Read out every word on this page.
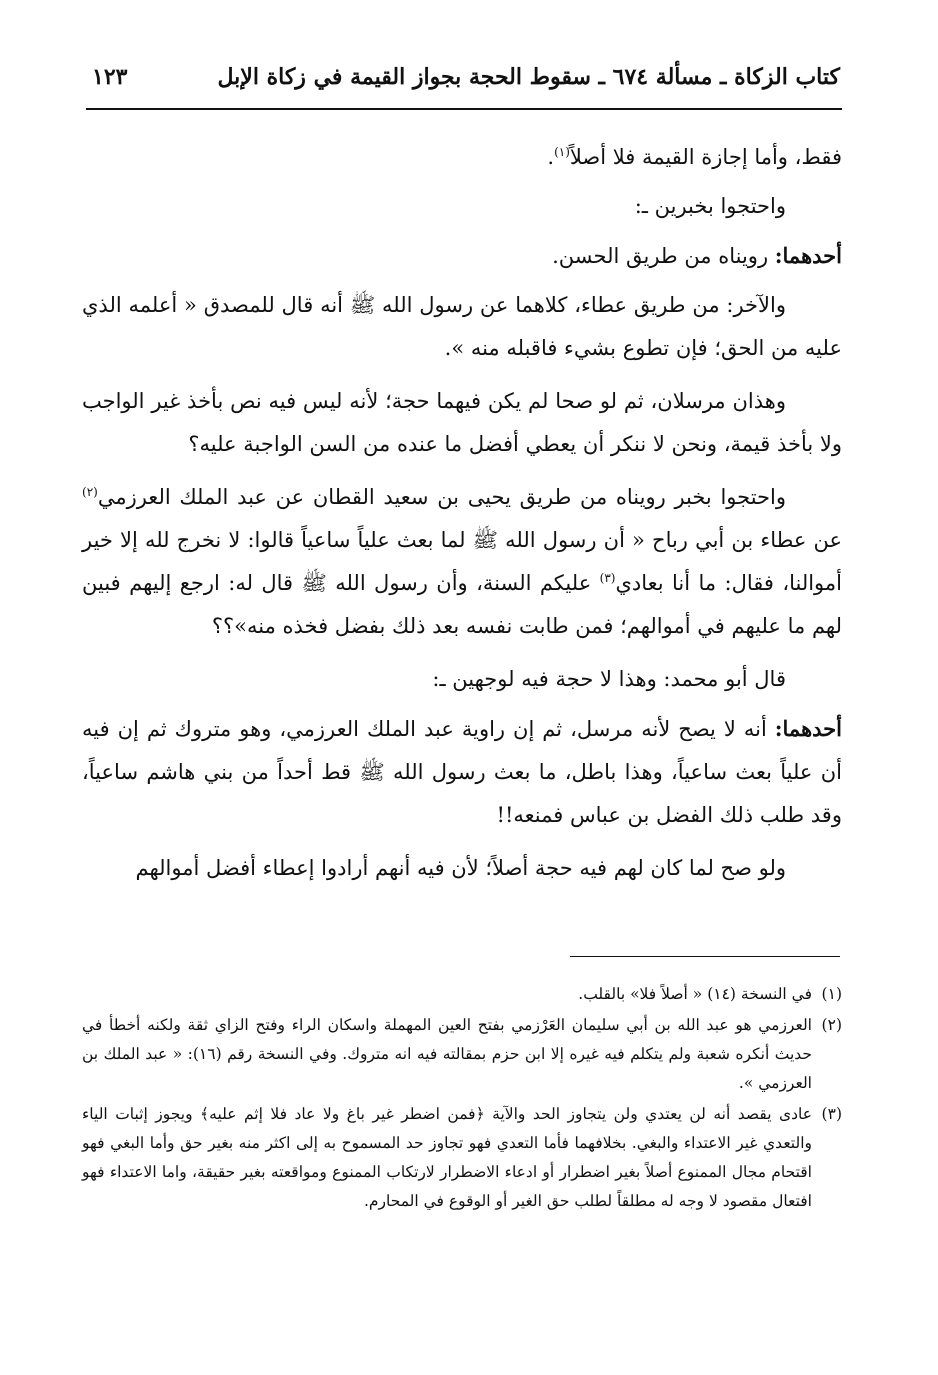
كتاب الزكاة ـ مسألة ٦٧٤ ـ سقوط الحجة بجواز القيمة في زكاة الإبل
١٢٣

فقط، وأما إجازة القيمة فلا أصلاً$^{(١)}$.

واحتجوا بخبرين ـ:

أحدهما: رويناه من طريق الحسن.

والآخر: من طريق عطاء، كلاهما عن رسول الله ﷺ أنه قال للمصدق « أعلمه الذي عليه من الحق؛ فإن تطوع بشيء فاقبله منه ».

وهذان مرسلان، ثم لو صحا لم يكن فيهما حجة؛ لأنه ليس فيه نص بأخذ غير الواجب ولا بأخذ قيمة، ونحن لا ننكر أن يعطي أفضل ما عنده من السن الواجبة عليه؟

واحتجوا بخبر رويناه من طريق يحيى بن سعيد القطان عن عبد الملك العرزمي$^{(٢)}$ عن عطاء بن أبي رباح « أن رسول الله ﷺ لما بعث علياً ساعياً قالوا: لا نخرج لله إلا خير أموالنا، فقال: ما أنا بعادي$^{(٣)}$ عليكم السنة، وأن رسول الله ﷺ قال له: ارجع إليهم فبين لهم ما عليهم في أموالهم؛ فمن طابت نفسه بعد ذلك بفضل فخذه منه»؟؟

قال أبو محمد: وهذا لا حجة فيه لوجهين ـ:

أحدهما: أنه لا يصح لأنه مرسل، ثم إن راوية عبد الملك العرزمي، وهو متروك ثم إن فيه أن علياً بعث ساعياً، وهذا باطل، ما بعث رسول الله ﷺ قط أحداً من بني هاشم ساعياً، وقد طلب ذلك الفضل بن عباس فمنعه!!

ولو صح لما كان لهم فيه حجة أصلاً؛ لأن فيه أنهم أرادوا إعطاء أفضل أموالهم

(١)في النسخة (١٤) « أصلاً فلا» بالقلب.

(٢)العرزمي هو عبد الله بن أبي سليمان العَرْزمي بفتح العين المهملة واسكان الراء وفتح الزاي ثقة ولكنه أخطأ في حديث أنكره شعبة ولم يتكلم فيه غيره إلا ابن حزم بمقالته فيه انه متروك. وفي النسخة رقم (١٦): « عبد الملك بن العرزمي ».

(٣)عادى يقصد أنه لن يعتدي ولن يتجاوز الحد والآية ﴿فمن اضطر غير باغ ولا عاد فلا إثم عليه﴾ ويجوز إثبات الياء والتعدي غير الاعتداء والبغي. بخلافهما فأما التعدي فهو تجاوز حد المسموح به إلى اكثر منه بغير حق وأما البغي فهو اقتحام مجال الممنوع أصلاً بغير اضطرار أو ادعاء الاضطرار لارتكاب الممنوع ومواقعته بغير حقيقة، واما الاعتداء فهو افتعال مقصود لا وجه له مطلقاً لطلب حق الغير أو الوقوع في المحارم.
